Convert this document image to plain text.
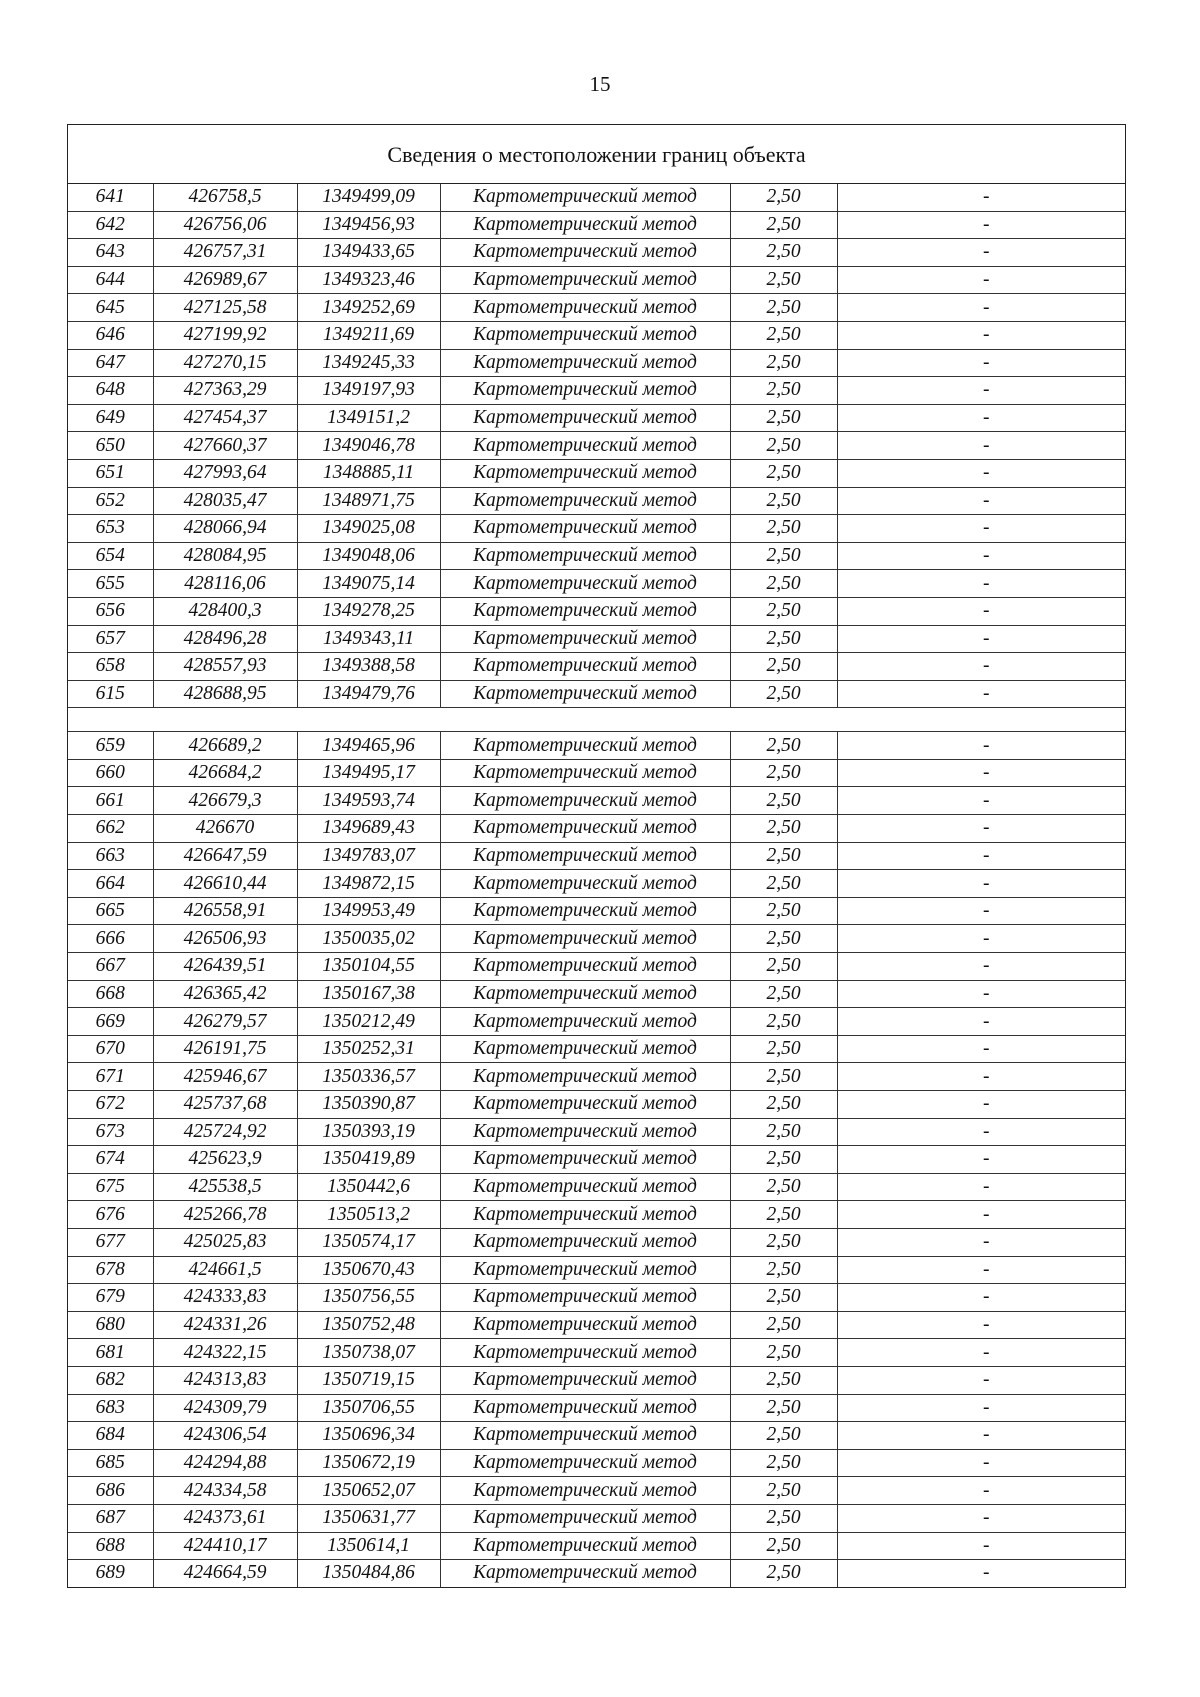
15
Сведения о местоположении границ объекта
641	426758,5	1349499,09	Картометрический метод	2,50	-
642	426756,06	1349456,93	Картометрический метод	2,50	-
643	426757,31	1349433,65	Картометрический метод	2,50	-
644	426989,67	1349323,46	Картометрический метод	2,50	-
645	427125,58	1349252,69	Картометрический метод	2,50	-
646	427199,92	1349211,69	Картометрический метод	2,50	-
647	427270,15	1349245,33	Картометрический метод	2,50	-
648	427363,29	1349197,93	Картометрический метод	2,50	-
649	427454,37	1349151,2	Картометрический метод	2,50	-
650	427660,37	1349046,78	Картометрический метод	2,50	-
651	427993,64	1348885,11	Картометрический метод	2,50	-
652	428035,47	1348971,75	Картометрический метод	2,50	-
653	428066,94	1349025,08	Картометрический метод	2,50	-
654	428084,95	1349048,06	Картометрический метод	2,50	-
655	428116,06	1349075,14	Картометрический метод	2,50	-
656	428400,3	1349278,25	Картометрический метод	2,50	-
657	428496,28	1349343,11	Картометрический метод	2,50	-
658	428557,93	1349388,58	Картометрический метод	2,50	-
615	428688,95	1349479,76	Картометрический метод	2,50	-

659	426689,2	1349465,96	Картометрический метод	2,50	-
660	426684,2	1349495,17	Картометрический метод	2,50	-
661	426679,3	1349593,74	Картометрический метод	2,50	-
662	426670	1349689,43	Картометрический метод	2,50	-
663	426647,59	1349783,07	Картометрический метод	2,50	-
664	426610,44	1349872,15	Картометрический метод	2,50	-
665	426558,91	1349953,49	Картометрический метод	2,50	-
666	426506,93	1350035,02	Картометрический метод	2,50	-
667	426439,51	1350104,55	Картометрический метод	2,50	-
668	426365,42	1350167,38	Картометрический метод	2,50	-
669	426279,57	1350212,49	Картометрический метод	2,50	-
670	426191,75	1350252,31	Картометрический метод	2,50	-
671	425946,67	1350336,57	Картометрический метод	2,50	-
672	425737,68	1350390,87	Картометрический метод	2,50	-
673	425724,92	1350393,19	Картометрический метод	2,50	-
674	425623,9	1350419,89	Картометрический метод	2,50	-
675	425538,5	1350442,6	Картометрический метод	2,50	-
676	425266,78	1350513,2	Картометрический метод	2,50	-
677	425025,83	1350574,17	Картометрический метод	2,50	-
678	424661,5	1350670,43	Картометрический метод	2,50	-
679	424333,83	1350756,55	Картометрический метод	2,50	-
680	424331,26	1350752,48	Картометрический метод	2,50	-
681	424322,15	1350738,07	Картометрический метод	2,50	-
682	424313,83	1350719,15	Картометрический метод	2,50	-
683	424309,79	1350706,55	Картометрический метод	2,50	-
684	424306,54	1350696,34	Картометрический метод	2,50	-
685	424294,88	1350672,19	Картометрический метод	2,50	-
686	424334,58	1350652,07	Картометрический метод	2,50	-
687	424373,61	1350631,77	Картометрический метод	2,50	-
688	424410,17	1350614,1	Картометрический метод	2,50	-
689	424664,59	1350484,86	Картометрический метод	2,50	-
